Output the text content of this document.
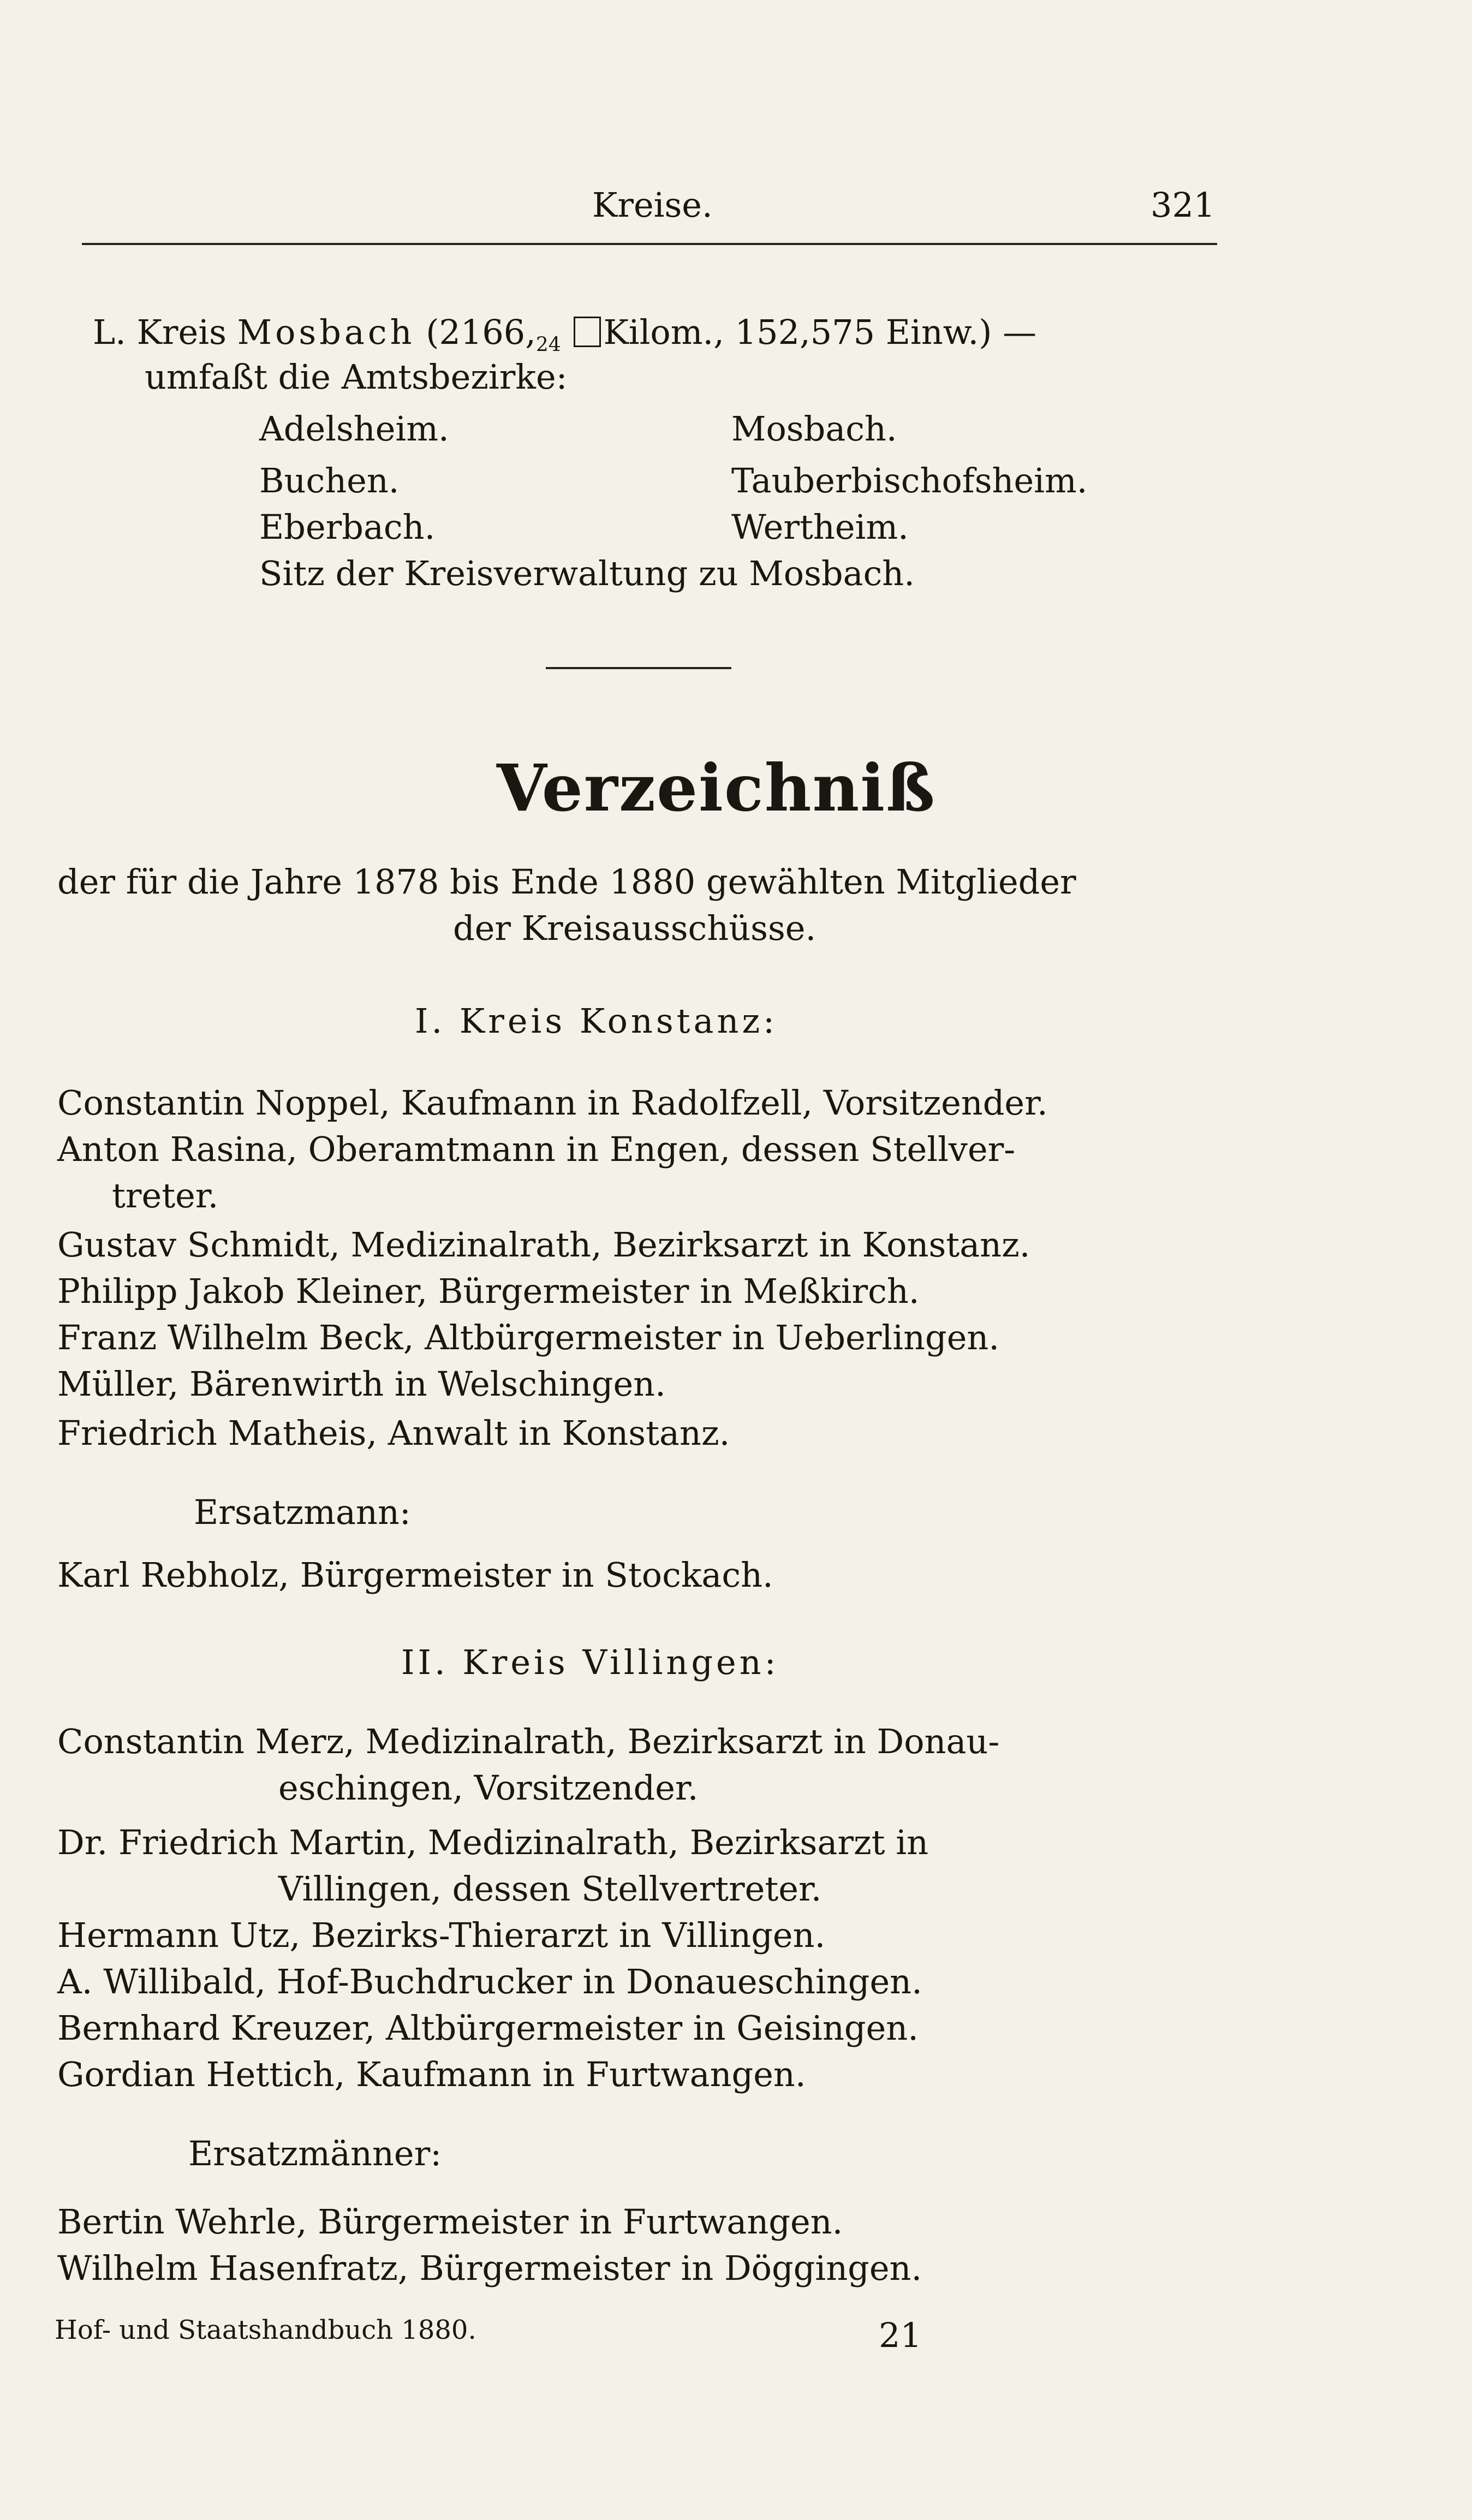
Kreise.	321
L. Kreis Mosbach ($2166,_{24}$ Kilom., 152,575 Einw.) —
umfaßt die Amtsbezirke:
Adelsheim.	Mosbach.
Buchen.	Tauberbischofsheim.
Eberbach.	Wertheim.
Sitz der Kreisverwaltung zu Mosbach.
Verzeichniß
der für die Jahre 1878 bis Ende 1880 gewählten Mitglieder
der Kreisausschüsse.
I. Kreis Konstanz:
Constantin Noppel, Kaufmann in Radolfzell, Vorsitzender.
Anton Rasina, Oberamtmann in Engen, dessen Stellver-
treter.
Gustav Schmidt, Medizinalrath, Bezirksarzt in Konstanz.
Philipp Jakob Kleiner, Bürgermeister in Meßkirch.
Franz Wilhelm Beck, Altbürgermeister in Ueberlingen.
Müller, Bärenwirth in Welschingen.
Friedrich Matheis, Anwalt in Konstanz.
Ersatzmann:
Karl Rebholz, Bürgermeister in Stockach.
II. Kreis Villingen:
Constantin Merz, Medizinalrath, Bezirksarzt in Donau-
eschingen, Vorsitzender.
Dr. Friedrich Martin, Medizinalrath, Bezirksarzt in
Villingen, dessen Stellvertreter.
Hermann Utz, Bezirks-Thierarzt in Villingen.
A. Willibald, Hof-Buchdrucker in Donaueschingen.
Bernhard Kreuzer, Altbürgermeister in Geisingen.
Gordian Hettich, Kaufmann in Furtwangen.
Ersatzmänner:
Bertin Wehrle, Bürgermeister in Furtwangen.
Wilhelm Hasenfratz, Bürgermeister in Döggingen.
Hof- und Staatshandbuch 1880.	21
